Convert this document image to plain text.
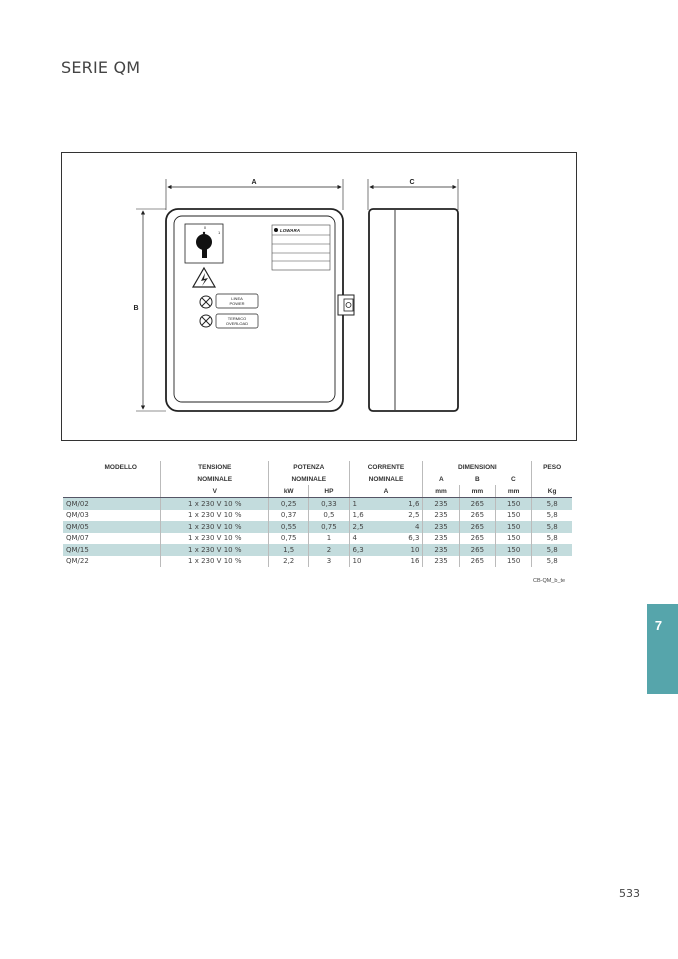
SERIE QM
A	C
B
0
1
LINEA
POWER
TERMICO
OVERLOAD
LOWARA
MODELLO	TENSIONE	POTENZA		CORRENTE		DIMENSIONI			PESO
	NOMINALE	NOMINALE		NOMINALE		A	B	C	
	V	kW	HP	A		mm	mm	mm	Kg
QM/02	1 x 230 V 10 %	0,25	0,33	1	1,6	235	265	150	5,8
QM/03	1 x 230 V 10 %	0,37	0,5	1,6	2,5	235	265	150	5,8
QM/05	1 x 230 V 10 %	0,55	0,75	2,5	4	235	265	150	5,8
QM/07	1 x 230 V 10 %	0,75	1	4	6,3	235	265	150	5,8
QM/15	1 x 230 V 10 %	1,5	2	6,3	10	235	265	150	5,8
QM/22	1 x 230 V 10 %	2,2	3	10	16	235	265	150	5,8
CB-QM_b_te
7
533
